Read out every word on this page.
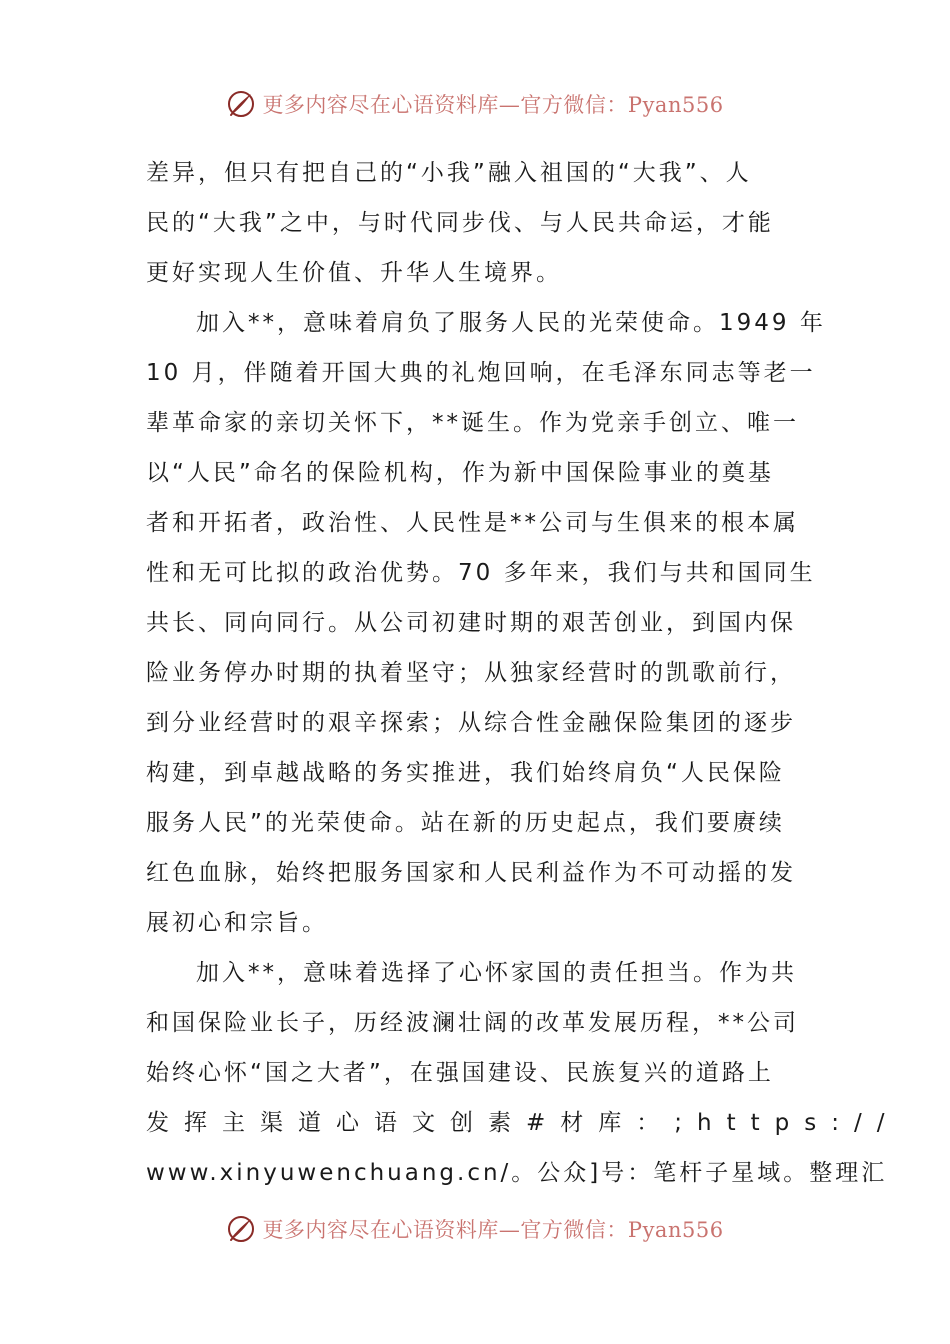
更多内容尽在心语资料库—官方微信：Pyan556
差异，但只有把自己的“小我”融入祖国的“大我”、人
民的“大我”之中，与时代同步伐、与人民共命运，才能
更好实现人生价值、升华人生境界。
加入**，意味着肩负了服务人民的光荣使命。1949 年
10 月，伴随着开国大典的礼炮回响，在毛泽东同志等老一
辈革命家的亲切关怀下，**诞生。作为党亲手创立、唯一
以“人民”命名的保险机构，作为新中国保险事业的奠基
者和开拓者，政治性、人民性是**公司与生俱来的根本属
性和无可比拟的政治优势。70 多年来，我们与共和国同生
共长、同向同行。从公司初建时期的艰苦创业，到国内保
险业务停办时期的执着坚守；从独家经营时的凯歌前行，
到分业经营时的艰辛探索；从综合性金融保险集团的逐步
构建，到卓越战略的务实推进，我们始终肩负“人民保险
服务人民”的光荣使命。站在新的历史起点，我们要赓续
红色血脉，始终把服务国家和人民利益作为不可动摇的发
展初心和宗旨。
加入**，意味着选择了心怀家国的责任担当。作为共
和国保险业长子，历经波澜壮阔的改革发展历程，**公司
始终心怀“国之大者”，在强国建设、民族复兴的道路上
发挥主渠道心语文创素#材库：;https://
www.xinyuwenchuang.cn/。公众]号：笔杆子星域。整理汇
更多内容尽在心语资料库—官方微信：Pyan556
